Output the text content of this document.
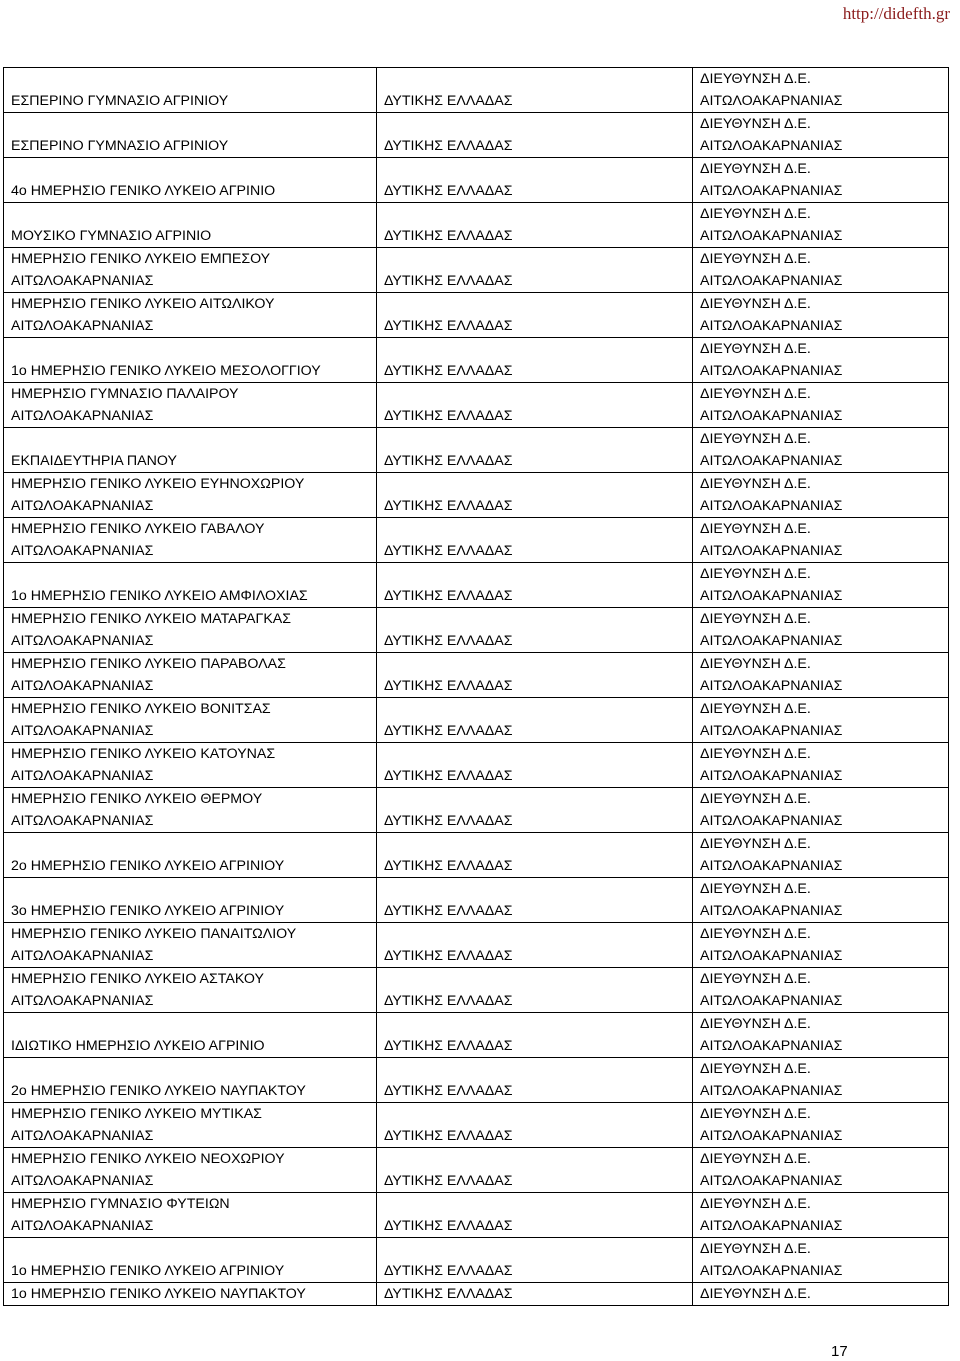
http://didefth.gr
ΕΣΠΕΡΙΝΟ ΓΥΜΝΑΣΙΟ ΑΓΡΙΝΙΟΥ	ΔΥΤΙΚΗΣ ΕΛΛΑΔΑΣ	ΔΙΕΥΘΥΝΣΗ Δ.Ε.
ΑΙΤΩΛΟΑΚΑΡΝΑΝΙΑΣ

ΕΣΠΕΡΙΝΟ ΓΥΜΝΑΣΙΟ ΑΓΡΙΝΙΟΥ	ΔΥΤΙΚΗΣ ΕΛΛΑΔΑΣ	ΔΙΕΥΘΥΝΣΗ Δ.Ε.
ΑΙΤΩΛΟΑΚΑΡΝΑΝΙΑΣ

4ο ΗΜΕΡΗΣΙΟ ΓΕΝΙΚΟ ΛΥΚΕΙΟ ΑΓΡΙΝΙΟ	ΔΥΤΙΚΗΣ ΕΛΛΑΔΑΣ	ΔΙΕΥΘΥΝΣΗ Δ.Ε.
ΑΙΤΩΛΟΑΚΑΡΝΑΝΙΑΣ

ΜΟΥΣΙΚΟ ΓΥΜΝΑΣΙΟ ΑΓΡΙΝΙΟ	ΔΥΤΙΚΗΣ ΕΛΛΑΔΑΣ	ΔΙΕΥΘΥΝΣΗ Δ.Ε.
ΑΙΤΩΛΟΑΚΑΡΝΑΝΙΑΣ

ΗΜΕΡΗΣΙΟ ΓΕΝΙΚΟ ΛΥΚΕΙΟ ΕΜΠΕΣΟΥ
ΑΙΤΩΛΟΑΚΑΡΝΑΝΙΑΣ	ΔΥΤΙΚΗΣ ΕΛΛΑΔΑΣ	ΔΙΕΥΘΥΝΣΗ Δ.Ε.
ΑΙΤΩΛΟΑΚΑΡΝΑΝΙΑΣ

ΗΜΕΡΗΣΙΟ ΓΕΝΙΚΟ ΛΥΚΕΙΟ ΑΙΤΩΛΙΚΟΥ
ΑΙΤΩΛΟΑΚΑΡΝΑΝΙΑΣ	ΔΥΤΙΚΗΣ ΕΛΛΑΔΑΣ	ΔΙΕΥΘΥΝΣΗ Δ.Ε.
ΑΙΤΩΛΟΑΚΑΡΝΑΝΙΑΣ

1ο ΗΜΕΡΗΣΙΟ ΓΕΝΙΚΟ ΛΥΚΕΙΟ ΜΕΣΟΛΟΓΓΙΟΥ	ΔΥΤΙΚΗΣ ΕΛΛΑΔΑΣ	ΔΙΕΥΘΥΝΣΗ Δ.Ε.
ΑΙΤΩΛΟΑΚΑΡΝΑΝΙΑΣ

ΗΜΕΡΗΣΙΟ ΓΥΜΝΑΣΙΟ ΠΑΛΑΙΡΟΥ
ΑΙΤΩΛΟΑΚΑΡΝΑΝΙΑΣ	ΔΥΤΙΚΗΣ ΕΛΛΑΔΑΣ	ΔΙΕΥΘΥΝΣΗ Δ.Ε.
ΑΙΤΩΛΟΑΚΑΡΝΑΝΙΑΣ

ΕΚΠΑΙΔΕΥΤΗΡΙΑ ΠΑΝΟΥ	ΔΥΤΙΚΗΣ ΕΛΛΑΔΑΣ	ΔΙΕΥΘΥΝΣΗ Δ.Ε.
ΑΙΤΩΛΟΑΚΑΡΝΑΝΙΑΣ

ΗΜΕΡΗΣΙΟ ΓΕΝΙΚΟ ΛΥΚΕΙΟ ΕΥΗΝΟΧΩΡΙΟΥ
ΑΙΤΩΛΟΑΚΑΡΝΑΝΙΑΣ	ΔΥΤΙΚΗΣ ΕΛΛΑΔΑΣ	ΔΙΕΥΘΥΝΣΗ Δ.Ε.
ΑΙΤΩΛΟΑΚΑΡΝΑΝΙΑΣ

ΗΜΕΡΗΣΙΟ ΓΕΝΙΚΟ ΛΥΚΕΙΟ ΓΑΒΑΛΟΥ
ΑΙΤΩΛΟΑΚΑΡΝΑΝΙΑΣ	ΔΥΤΙΚΗΣ ΕΛΛΑΔΑΣ	ΔΙΕΥΘΥΝΣΗ Δ.Ε.
ΑΙΤΩΛΟΑΚΑΡΝΑΝΙΑΣ

1ο ΗΜΕΡΗΣΙΟ ΓΕΝΙΚΟ ΛΥΚΕΙΟ ΑΜΦΙΛΟΧΙΑΣ	ΔΥΤΙΚΗΣ ΕΛΛΑΔΑΣ	ΔΙΕΥΘΥΝΣΗ Δ.Ε.
ΑΙΤΩΛΟΑΚΑΡΝΑΝΙΑΣ

ΗΜΕΡΗΣΙΟ ΓΕΝΙΚΟ ΛΥΚΕΙΟ ΜΑΤΑΡΑΓΚΑΣ
ΑΙΤΩΛΟΑΚΑΡΝΑΝΙΑΣ	ΔΥΤΙΚΗΣ ΕΛΛΑΔΑΣ	ΔΙΕΥΘΥΝΣΗ Δ.Ε.
ΑΙΤΩΛΟΑΚΑΡΝΑΝΙΑΣ

ΗΜΕΡΗΣΙΟ ΓΕΝΙΚΟ ΛΥΚΕΙΟ ΠΑΡΑΒΟΛΑΣ
ΑΙΤΩΛΟΑΚΑΡΝΑΝΙΑΣ	ΔΥΤΙΚΗΣ ΕΛΛΑΔΑΣ	ΔΙΕΥΘΥΝΣΗ Δ.Ε.
ΑΙΤΩΛΟΑΚΑΡΝΑΝΙΑΣ

ΗΜΕΡΗΣΙΟ ΓΕΝΙΚΟ ΛΥΚΕΙΟ ΒΟΝΙΤΣΑΣ
ΑΙΤΩΛΟΑΚΑΡΝΑΝΙΑΣ	ΔΥΤΙΚΗΣ ΕΛΛΑΔΑΣ	ΔΙΕΥΘΥΝΣΗ Δ.Ε.
ΑΙΤΩΛΟΑΚΑΡΝΑΝΙΑΣ

ΗΜΕΡΗΣΙΟ ΓΕΝΙΚΟ ΛΥΚΕΙΟ ΚΑΤΟΥΝΑΣ
ΑΙΤΩΛΟΑΚΑΡΝΑΝΙΑΣ	ΔΥΤΙΚΗΣ ΕΛΛΑΔΑΣ	ΔΙΕΥΘΥΝΣΗ Δ.Ε.
ΑΙΤΩΛΟΑΚΑΡΝΑΝΙΑΣ

ΗΜΕΡΗΣΙΟ ΓΕΝΙΚΟ ΛΥΚΕΙΟ ΘΕΡΜΟΥ
ΑΙΤΩΛΟΑΚΑΡΝΑΝΙΑΣ	ΔΥΤΙΚΗΣ ΕΛΛΑΔΑΣ	ΔΙΕΥΘΥΝΣΗ Δ.Ε.
ΑΙΤΩΛΟΑΚΑΡΝΑΝΙΑΣ

2ο ΗΜΕΡΗΣΙΟ ΓΕΝΙΚΟ ΛΥΚΕΙΟ ΑΓΡΙΝΙΟΥ	ΔΥΤΙΚΗΣ ΕΛΛΑΔΑΣ	ΔΙΕΥΘΥΝΣΗ Δ.Ε.
ΑΙΤΩΛΟΑΚΑΡΝΑΝΙΑΣ

3ο ΗΜΕΡΗΣΙΟ ΓΕΝΙΚΟ ΛΥΚΕΙΟ ΑΓΡΙΝΙΟΥ	ΔΥΤΙΚΗΣ ΕΛΛΑΔΑΣ	ΔΙΕΥΘΥΝΣΗ Δ.Ε.
ΑΙΤΩΛΟΑΚΑΡΝΑΝΙΑΣ

ΗΜΕΡΗΣΙΟ ΓΕΝΙΚΟ ΛΥΚΕΙΟ ΠΑΝΑΙΤΩΛΙΟΥ
ΑΙΤΩΛΟΑΚΑΡΝΑΝΙΑΣ	ΔΥΤΙΚΗΣ ΕΛΛΑΔΑΣ	ΔΙΕΥΘΥΝΣΗ Δ.Ε.
ΑΙΤΩΛΟΑΚΑΡΝΑΝΙΑΣ

ΗΜΕΡΗΣΙΟ ΓΕΝΙΚΟ ΛΥΚΕΙΟ ΑΣΤΑΚΟΥ
ΑΙΤΩΛΟΑΚΑΡΝΑΝΙΑΣ	ΔΥΤΙΚΗΣ ΕΛΛΑΔΑΣ	ΔΙΕΥΘΥΝΣΗ Δ.Ε.
ΑΙΤΩΛΟΑΚΑΡΝΑΝΙΑΣ

ΙΔΙΩΤΙΚΟ ΗΜΕΡΗΣΙΟ ΛΥΚΕΙΟ ΑΓΡΙΝΙΟ	ΔΥΤΙΚΗΣ ΕΛΛΑΔΑΣ	ΔΙΕΥΘΥΝΣΗ Δ.Ε.
ΑΙΤΩΛΟΑΚΑΡΝΑΝΙΑΣ

2ο ΗΜΕΡΗΣΙΟ ΓΕΝΙΚΟ ΛΥΚΕΙΟ ΝΑΥΠΑΚΤΟΥ	ΔΥΤΙΚΗΣ ΕΛΛΑΔΑΣ	ΔΙΕΥΘΥΝΣΗ Δ.Ε.
ΑΙΤΩΛΟΑΚΑΡΝΑΝΙΑΣ

ΗΜΕΡΗΣΙΟ ΓΕΝΙΚΟ ΛΥΚΕΙΟ ΜΥΤΙΚΑΣ
ΑΙΤΩΛΟΑΚΑΡΝΑΝΙΑΣ	ΔΥΤΙΚΗΣ ΕΛΛΑΔΑΣ	ΔΙΕΥΘΥΝΣΗ Δ.Ε.
ΑΙΤΩΛΟΑΚΑΡΝΑΝΙΑΣ

ΗΜΕΡΗΣΙΟ ΓΕΝΙΚΟ ΛΥΚΕΙΟ ΝΕΟΧΩΡΙΟΥ
ΑΙΤΩΛΟΑΚΑΡΝΑΝΙΑΣ	ΔΥΤΙΚΗΣ ΕΛΛΑΔΑΣ	ΔΙΕΥΘΥΝΣΗ Δ.Ε.
ΑΙΤΩΛΟΑΚΑΡΝΑΝΙΑΣ

ΗΜΕΡΗΣΙΟ ΓΥΜΝΑΣΙΟ ΦΥΤΕΙΩΝ
ΑΙΤΩΛΟΑΚΑΡΝΑΝΙΑΣ	ΔΥΤΙΚΗΣ ΕΛΛΑΔΑΣ	ΔΙΕΥΘΥΝΣΗ Δ.Ε.
ΑΙΤΩΛΟΑΚΑΡΝΑΝΙΑΣ

1ο ΗΜΕΡΗΣΙΟ ΓΕΝΙΚΟ ΛΥΚΕΙΟ ΑΓΡΙΝΙΟΥ	ΔΥΤΙΚΗΣ ΕΛΛΑΔΑΣ	ΔΙΕΥΘΥΝΣΗ Δ.Ε.
ΑΙΤΩΛΟΑΚΑΡΝΑΝΙΑΣ

1ο ΗΜΕΡΗΣΙΟ ΓΕΝΙΚΟ ΛΥΚΕΙΟ ΝΑΥΠΑΚΤΟΥ	ΔΥΤΙΚΗΣ ΕΛΛΑΔΑΣ	ΔΙΕΥΘΥΝΣΗ Δ.Ε.
17
